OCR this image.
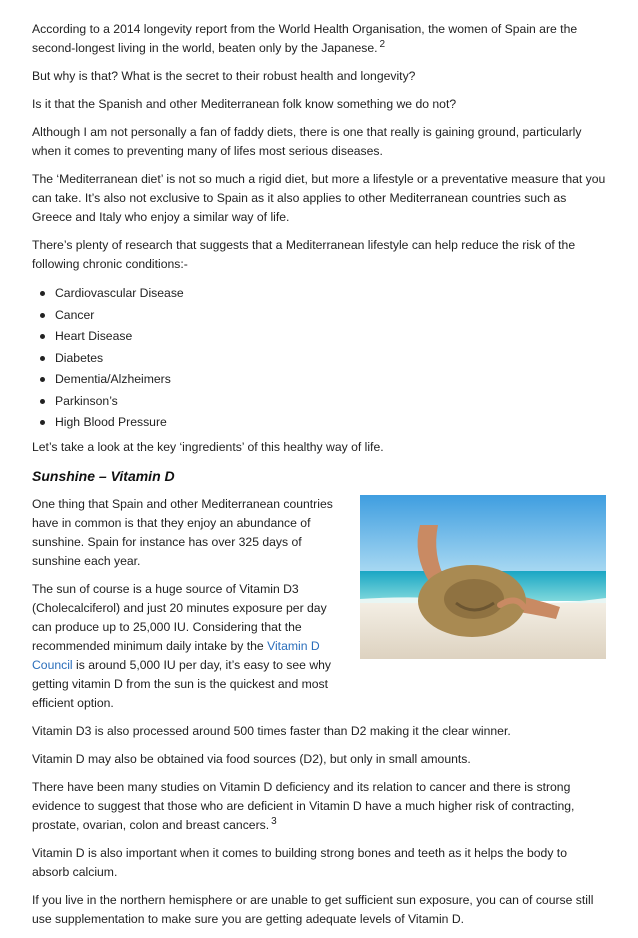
According to a 2014 longevity report from the World Health Organisation, the women of Spain are the second-longest living in the world, beaten only by the Japanese. $^2$

But why is that? What is the secret to their robust health and longevity?

Is it that the Spanish and other Mediterranean folk know something we do not?

Although I am not personally a fan of faddy diets, there is one that really is gaining ground, particularly when it comes to preventing many of lifes most serious diseases.

The ‘Mediterranean diet’ is not so much a rigid diet, but more a lifestyle or a preventative measure that you can take. It’s also not exclusive to Spain as it also applies to other Mediterranean countries such as Greece and Italy who enjoy a similar way of life.

There’s plenty of research that suggests that a Mediterranean lifestyle can help reduce the risk of the following chronic conditions:-

Cardiovascular Disease
Cancer
Heart Disease
Diabetes
Dementia/Alzheimers
Parkinson’s
High Blood Pressure

Let’s take a look at the key ‘ingredients’ of this healthy way of life.

Sunshine – Vitamin D

One thing that Spain and other Mediterranean countries have in common is that they enjoy an abundance of sunshine. Spain for instance has over 325 days of sunshine each year.

The sun of course is a huge source of Vitamin D3 (Cholecalciferol) and just 20 minutes exposure per day can produce up to 25,000 IU. Considering that the recommended minimum daily intake by the Vitamin D Council is around 5,000 IU per day, it’s easy to see why getting vitamin D from the sun is the quickest and most efficient option.

Vitamin D3 is also processed around 500 times faster than D2 making it the clear winner.

Vitamin D may also be obtained via food sources (D2), but only in small amounts.

There have been many studies on Vitamin D deficiency and its relation to cancer and there is strong evidence to suggest that those who are deficient in Vitamin D have a much higher risk of contracting, prostate, ovarian, colon and breast cancers. $^3$

Vitamin D is also important when it comes to building strong bones and teeth as it helps the body to absorb calcium.

If you live in the northern hemisphere or are unable to get sufficient sun exposure, you can of course still use supplementation to make sure you are getting adequate levels of Vitamin D.
